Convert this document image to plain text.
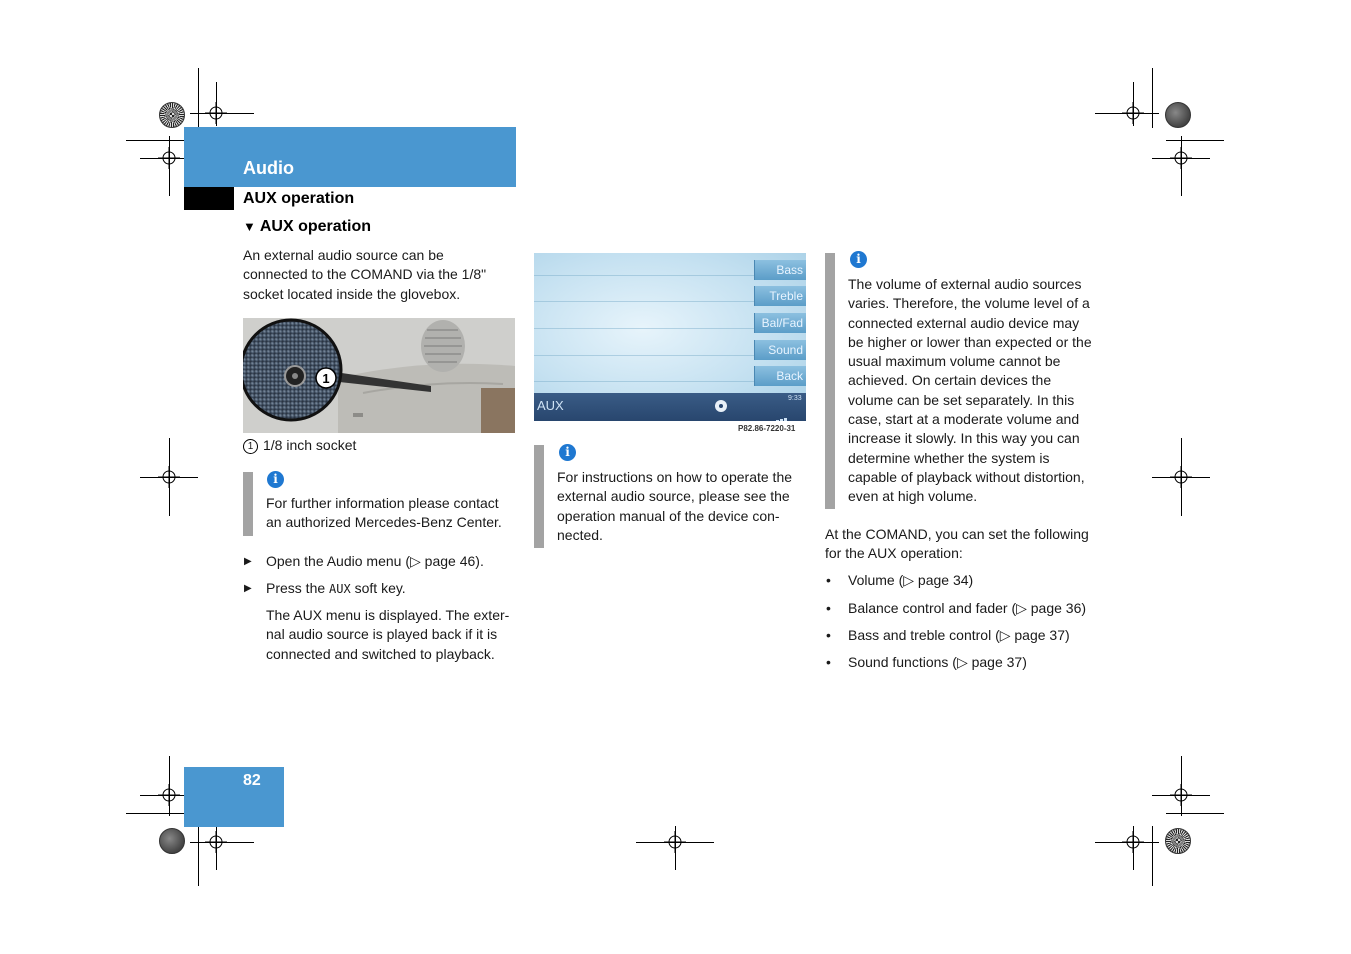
Audio
AUX operation
▼ AUX operation

An external audio source can be

connected to the COMAND via the 1/8"

socket located inside the glovebox.

1
1 1/8 inch socket
i

For further information please contact

an authorized Mercedes-Benz Center.

▶ Open the Audio menu (▷ page 46).
▶ Press the AUX soft key.

The AUX menu is displayed. The exter-

nal audio source is played back if it is

connected and switched to playback.

Bass
Treble
Bal/Fad
Sound
Back
AUX	9:33
P82.86-7220-31
i

For instructions on how to operate the

external audio source, please see the

operation manual of the device con-

nected.

i

The volume of external audio sources

varies. Therefore, the volume level of a

connected external audio device may

be higher or lower than expected or the

usual maximum volume cannot be

achieved. On certain devices the

volume can be set separately. In this

case, start at a moderate volume and

increase it slowly. In this way you can

determine whether the system is

capable of playback without distortion,

even at high volume.

At the COMAND, you can set the following

for the AUX operation:

• Volume (▷ page 34)
• Balance control and fader (▷ page 36)
• Bass and treble control (▷ page 37)
• Sound functions (▷ page 37)
82
